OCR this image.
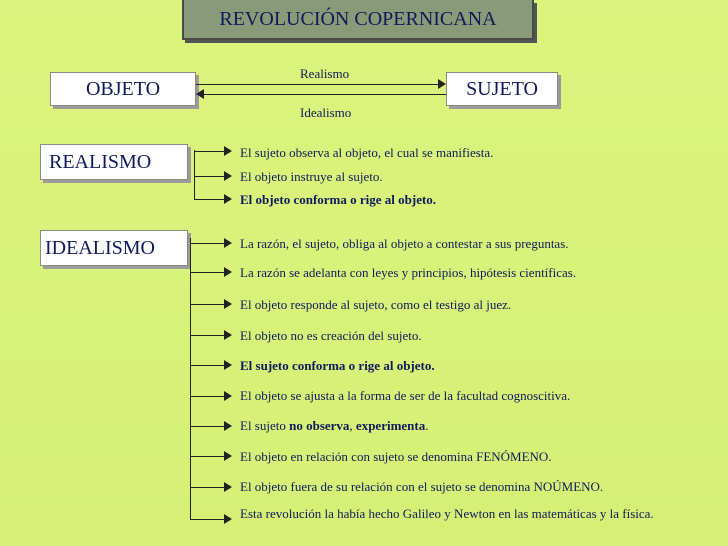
REVOLUCIÓN COPERNICANA
OBJETO	SUJETO
Realismo
Idealismo
REALISMO	El sujeto observa al objeto, el cual se manifiesta.
El objeto instruye al sujeto.
El objeto conforma o rige al objeto.
IDEALISMO	La razón, el sujeto, obliga al objeto a contestar a sus preguntas.
La razón se adelanta con leyes y principios, hipótesis científicas.
El objeto responde al sujeto, como el testigo al juez.
El objeto no es creación del sujeto.
El sujeto conforma o rige al objeto.
El objeto se ajusta a la forma de ser de la facultad cognoscitiva.
El sujeto no observa, experimenta.
El objeto en relación con sujeto se denomina FENÓMENO.
El objeto fuera de su relación con el sujeto se denomina NOÚMENO.
Esta revolución la había hecho Galileo y Newton en las matemáticas y la física.
